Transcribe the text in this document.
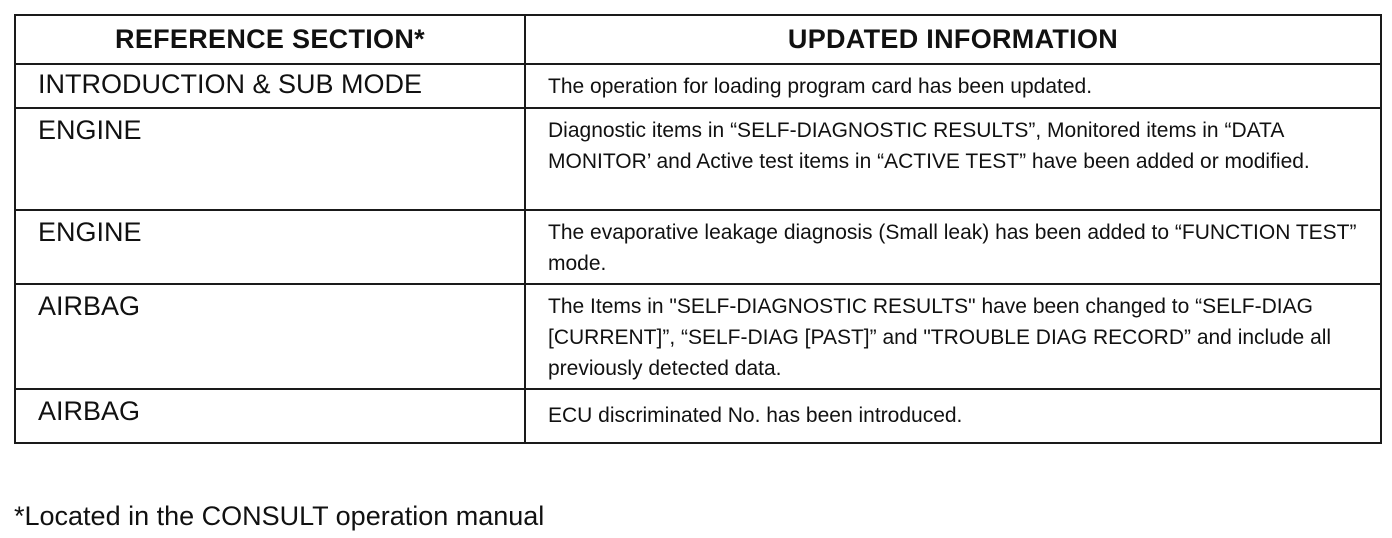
REFERENCE SECTION*	UPDATED INFORMATION
INTRODUCTION & SUB MODE	The operation for loading program card has been updated.
ENGINE	Diagnostic items in “SELF-DIAGNOSTIC RESULTS”, Monitored items in “DATA MONITOR’ and Active test items in “ACTIVE TEST” have been added or modified.
ENGINE	The evaporative leakage diagnosis (Small leak) has been added to “FUNCTION TEST” mode.
AIRBAG	The Items in "SELF-DIAGNOSTIC RESULTS" have been changed to “SELF-DIAG [CURRENT]”, “SELF-DIAG [PAST]” and "TROUBLE DIAG RECORD” and include all previously detected data.
AIRBAG	ECU discriminated No. has been introduced.
*Located in the CONSULT operation manual
